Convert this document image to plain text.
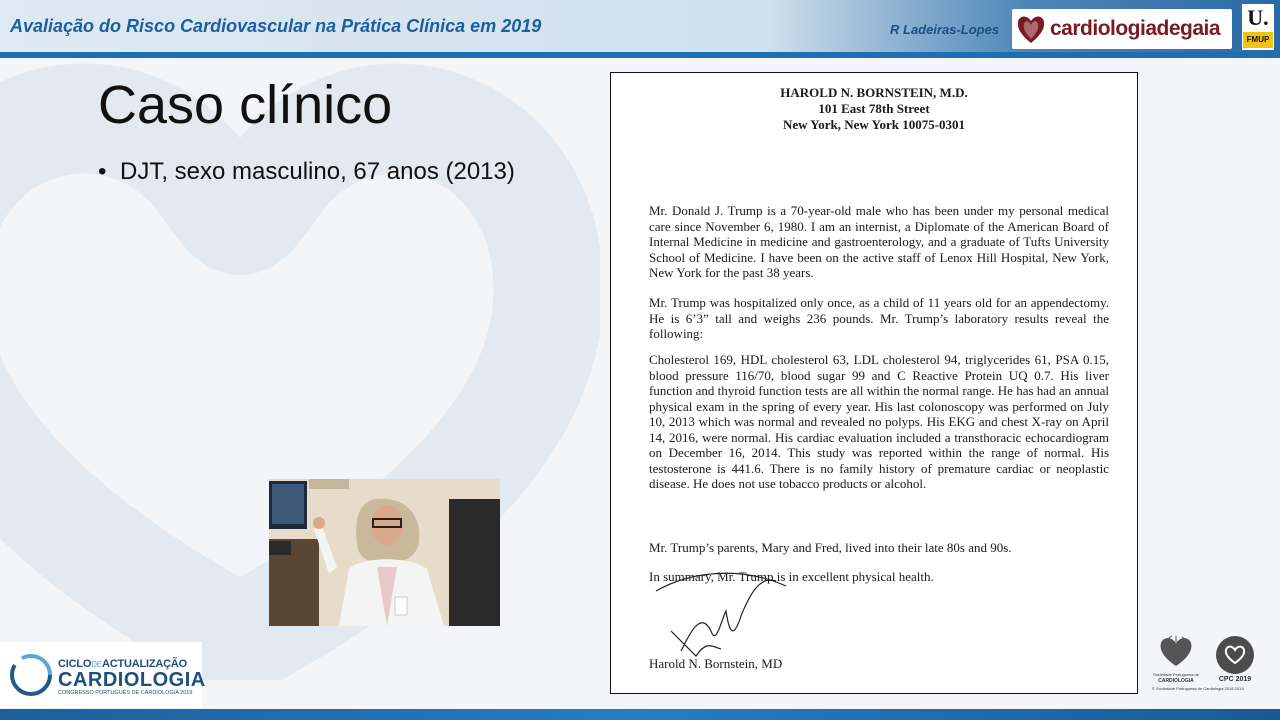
Avaliação do Risco Cardiovascular na Prática Clínica em 2019	R Ladeiras-Lopes cardiologiadegaia U.
FMUP
Caso clínico
• DJT, sexo masculino, 67 anos (2013)
HAROLD N. BORNSTEIN, M.D.
101 East 78th Street
New York, New York 10075-0301
Mr. Donald J. Trump is a 70-year-old male who has been under my personal medical care since November 6, 1980. I am an internist, a Diplomate of the American Board of Internal Medicine in medicine and gastroenterology, and a graduate of Tufts University School of Medicine. I have been on the active staff of Lenox Hill Hospital, New York, New York for the past 38 years.
Mr. Trump was hospitalized only once, as a child of 11 years old for an appendectomy. He is 6’3” tall and weighs 236 pounds. Mr. Trump’s laboratory results reveal the following:
Cholesterol 169, HDL cholesterol 63, LDL cholesterol 94, triglycerides 61, PSA 0.15, blood pressure 116/70, blood sugar 99 and C Reactive Protein UQ 0.7. His liver function and thyroid function tests are all within the normal range. He has had an annual physical exam in the spring of every year. His last colonoscopy was performed on July 10, 2013 which was normal and revealed no polyps. His EKG and chest X-ray on April 14, 2016, were normal. His cardiac evaluation included a transthoracic echocardiogram on December 16, 2014. This study was reported within the range of normal. His testosterone is 441.6. There is no family history of premature cardiac or neoplastic disease. He does not use tobacco products or alcohol.
Mr. Trump’s parents, Mary and Fred, lived into their late 80s and 90s.
In summary, Mr. Trump is in excellent physical health.
Harold N. Bornstein, MD
CICLODEACTUALIZAÇÃO
CARDIOLOGIA
CONGRESSO PORTUGUÊS DE CARDIOLOGIA 2019
Sociedade Portuguesa de
CARDIOLOGIA	CPC 2019
© Sociedade Portuguesa de Cardiologia 2018-2019
